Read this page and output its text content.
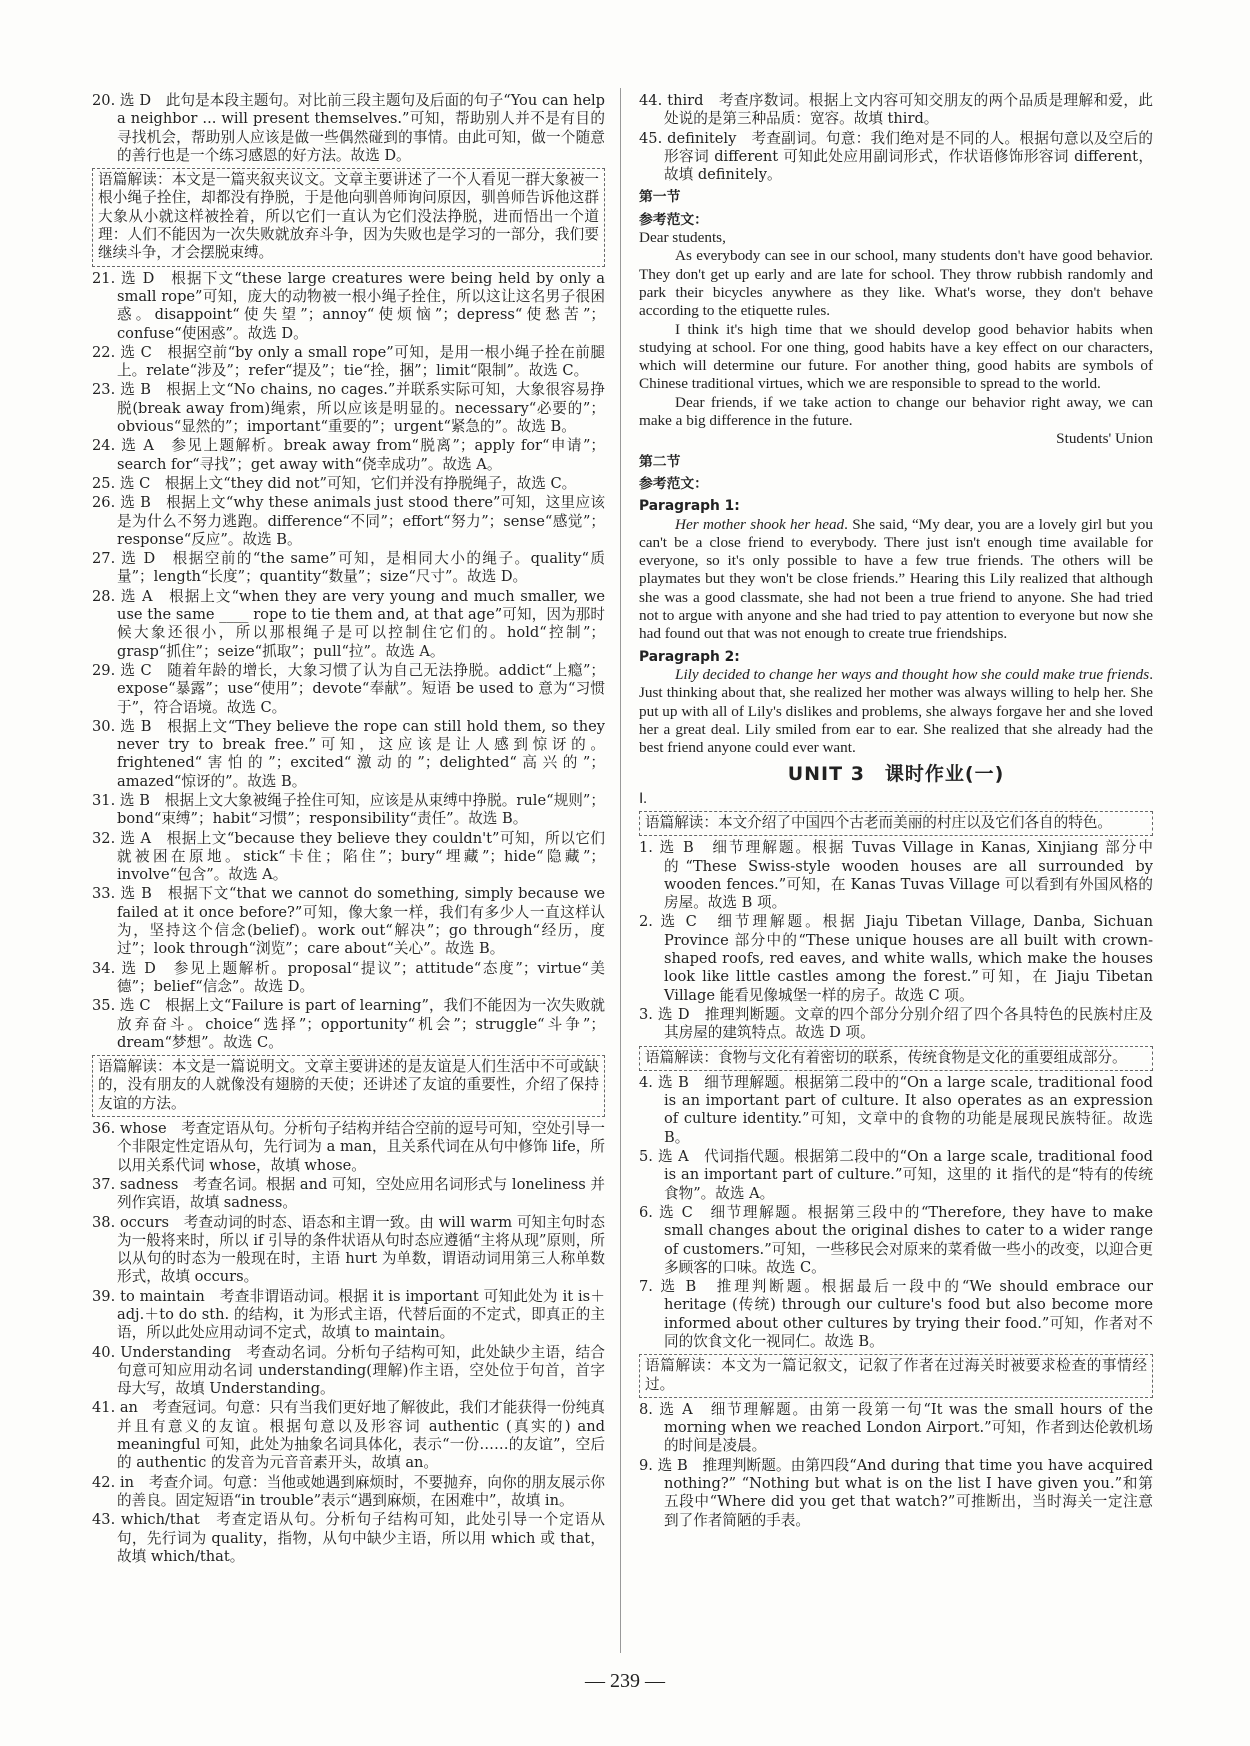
20. 选 D　此句是本段主题句。对比前三段主题句及后面的句子“You can help a neighbor ... will present themselves.”可知，帮助别人并不是有目的寻找机会，帮助别人应该是做一些偶然碰到的事情。由此可知，做一个随意的善行也是一个练习感恩的好方法。故选 D。

语篇解读：本文是一篇夹叙夹议文。文章主要讲述了一个人看见一群大象被一根小绳子拴住，却都没有挣脱，于是他向驯兽师询问原因，驯兽师告诉他这群大象从小就这样被拴着，所以它们一直认为它们没法挣脱，进而悟出一个道理：人们不能因为一次失败就放弃斗争，因为失败也是学习的一部分，我们要继续斗争，才会摆脱束缚。

21. 选 D　根据下文“these large creatures were being held by only a small rope”可知，庞大的动物被一根小绳子拴住，所以这让这名男子很困惑。disappoint“使失望”；annoy“使烦恼”；depress“使愁苦”；confuse“使困惑”。故选 D。

22. 选 C　根据空前“by only a small rope”可知，是用一根小绳子拴在前腿上。relate“涉及”；refer“提及”；tie“拴，捆”；limit“限制”。故选 C。

23. 选 B　根据上文“No chains, no cages.”并联系实际可知，大象很容易挣脱(break away from)绳索，所以应该是明显的。necessary“必要的”；obvious“显然的”；important“重要的”；urgent“紧急的”。故选 B。

24. 选 A　参见上题解析。break away from“脱离”；apply for“申请”；search for“寻找”；get away with“侥幸成功”。故选 A。

25. 选 C　根据上文“they did not”可知，它们并没有挣脱绳子，故选 C。

26. 选 B　根据上文“why these animals just stood there”可知，这里应该是为什么不努力逃跑。difference“不同”；effort“努力”；sense“感觉”；response“反应”。故选 B。

27. 选 D　根据空前的“the same”可知，是相同大小的绳子。quality“质量”；length“长度”；quantity“数量”；size“尺寸”。故选 D。

28. 选 A　根据上文“when they are very young and much smaller, we use the same ____ rope to tie them and, at that age”可知，因为那时候大象还很小，所以那根绳子是可以控制住它们的。hold“控制”；grasp“抓住”；seize“抓取”；pull“拉”。故选 A。

29. 选 C　随着年龄的增长，大象习惯了认为自己无法挣脱。addict“上瘾”；expose“暴露”；use“使用”；devote“奉献”。短语 be used to 意为“习惯于”，符合语境。故选 C。

30. 选 B　根据上文“They believe the rope can still hold them, so they never try to break free.”可知，这应该是让人感到惊讶的。frightened“害怕的”；excited“激动的”；delighted“高兴的”；amazed“惊讶的”。故选 B。

31. 选 B　根据上文大象被绳子拴住可知，应该是从束缚中挣脱。rule“规则”；bond“束缚”；habit“习惯”；responsibility“责任”。故选 B。

32. 选 A　根据上文“because they believe they couldn't”可知，所以它们就被困在原地。stick“卡住；陷住”；bury“埋藏”；hide“隐藏”；involve“包含”。故选 A。

33. 选 B　根据下文“that we cannot do something, simply because we failed at it once before?”可知，像大象一样，我们有多少人一直这样认为，坚持这个信念(belief)。work out“解决”；go through“经历，度过”；look through“浏览”；care about“关心”。故选 B。

34. 选 D　参见上题解析。proposal“提议”；attitude“态度”；virtue“美德”；belief“信念”。故选 D。

35. 选 C　根据上文“Failure is part of learning”，我们不能因为一次失败就放弃奋斗。choice“选择”；opportunity“机会”；struggle“斗争”；dream“梦想”。故选 C。

语篇解读：本文是一篇说明文。文章主要讲述的是友谊是人们生活中不可或缺的，没有朋友的人就像没有翅膀的天使；还讲述了友谊的重要性，介绍了保持友谊的方法。

36. whose　考查定语从句。分析句子结构并结合空前的逗号可知，空处引导一个非限定性定语从句，先行词为 a man，且关系代词在从句中修饰 life，所以用关系代词 whose，故填 whose。

37. sadness　考查名词。根据 and 可知，空处应用名词形式与 loneliness 并列作宾语，故填 sadness。

38. occurs　考查动词的时态、语态和主谓一致。由 will warm 可知主句时态为一般将来时，所以 if 引导的条件状语从句时态应遵循“主将从现”原则，所以从句的时态为一般现在时，主语 hurt 为单数，谓语动词用第三人称单数形式，故填 occurs。

39. to maintain　考查非谓语动词。根据 it is important 可知此处为 it is＋adj.＋to do sth. 的结构，it 为形式主语，代替后面的不定式，即真正的主语，所以此处应用动词不定式，故填 to maintain。

40. Understanding　考查动名词。分析句子结构可知，此处缺少主语，结合句意可知应用动名词 understanding(理解)作主语，空处位于句首，首字母大写，故填 Understanding。

41. an　考查冠词。句意：只有当我们更好地了解彼此，我们才能获得一份纯真并且有意义的友谊。根据句意以及形容词 authentic (真实的) and meaningful 可知，此处为抽象名词具体化，表示“一份……的友谊”，空后的 authentic 的发音为元音音素开头，故填 an。

42. in　考查介词。句意：当他或她遇到麻烦时，不要抛弃，向你的朋友展示你的善良。固定短语“in trouble”表示“遇到麻烦，在困难中”，故填 in。

43. which/that　考查定语从句。分析句子结构可知，此处引导一个定语从句，先行词为 quality，指物，从句中缺少主语，所以用 which 或 that，故填 which/that。

44. third　考查序数词。根据上文内容可知交朋友的两个品质是理解和爱，此处说的是第三种品质：宽容。故填 third。

45. definitely　考查副词。句意：我们绝对是不同的人。根据句意以及空后的形容词 different 可知此处应用副词形式，作状语修饰形容词 different，故填 definitely。

第一节
参考范文：

Dear students,

As everybody can see in our school, many students don't have good behavior. They don't get up early and are late for school. They throw rubbish randomly and park their bicycles anywhere as they like. What's worse, they don't behave according to the etiquette rules.

I think it's high time that we should develop good behavior habits when studying at school. For one thing, good habits have a key effect on our characters, which will determine our future. For another thing, good habits are symbols of Chinese traditional virtues, which we are responsible to spread to the world.

Dear friends, if we take action to change our behavior right away, we can make a big difference in the future.

Students' Union

第二节
参考范文：
Paragraph 1:

Her mother shook her head. She said, “My dear, you are a lovely girl but you can't be a close friend to everybody. There just isn't enough time available for everyone, so it's only possible to have a few true friends. The others will be playmates but they won't be close friends.” Hearing this Lily realized that although she was a good classmate, she had not been a true friend to anyone. She had tried not to argue with anyone and she had tried to pay attention to everyone but now she had found out that was not enough to create true friendships.

Paragraph 2:

Lily decided to change her ways and thought how she could make true friends. Just thinking about that, she realized her mother was always willing to help her. She put up with all of Lily's dislikes and problems, she always forgave her and she loved her a great deal. Lily smiled from ear to ear. She realized that she already had the best friend anyone could ever want.

UNIT 3　课时作业(一)

Ⅰ.

语篇解读：本文介绍了中国四个古老而美丽的村庄以及它们各自的特色。

1. 选 B　细节理解题。根据 Tuvas Village in Kanas, Xinjiang 部分中的“These Swiss-style wooden houses are all surrounded by wooden fences.”可知，在 Kanas Tuvas Village 可以看到有外国风格的房屋。故选 B 项。

2. 选 C　细节理解题。根据 Jiaju Tibetan Village, Danba, Sichuan Province 部分中的“These unique houses are all built with crown-shaped roofs, red eaves, and white walls, which make the houses look like little castles among the forest.”可知，在 Jiaju Tibetan Village 能看见像城堡一样的房子。故选 C 项。

3. 选 D　推理判断题。文章的四个部分分别介绍了四个各具特色的民族村庄及其房屋的建筑特点。故选 D 项。

语篇解读：食物与文化有着密切的联系，传统食物是文化的重要组成部分。

4. 选 B　细节理解题。根据第二段中的“On a large scale, traditional food is an important part of culture. It also operates as an expression of culture identity.”可知，文章中的食物的功能是展现民族特征。故选 B。

5. 选 A　代词指代题。根据第二段中的“On a large scale, traditional food is an important part of culture.”可知，这里的 it 指代的是“特有的传统食物”。故选 A。

6. 选 C　细节理解题。根据第三段中的“Therefore, they have to make small changes about the original dishes to cater to a wider range of customers.”可知，一些移民会对原来的菜肴做一些小的改变，以迎合更多顾客的口味。故选 C。

7. 选 B　推理判断题。根据最后一段中的“We should embrace our heritage (传统) through our culture's food but also become more informed about other cultures by trying their food.”可知，作者对不同的饮食文化一视同仁。故选 B。

语篇解读：本文为一篇记叙文，记叙了作者在过海关时被要求检查的事情经过。

8. 选 A　细节理解题。由第一段第一句“It was the small hours of the morning when we reached London Airport.”可知，作者到达伦敦机场的时间是凌晨。

9. 选 B　推理判断题。由第四段“And during that time you have acquired nothing?” “Nothing but what is on the list I have given you.”和第五段中“Where did you get that watch?”可推断出，当时海关一定注意到了作者简陋的手表。

— 239 —
